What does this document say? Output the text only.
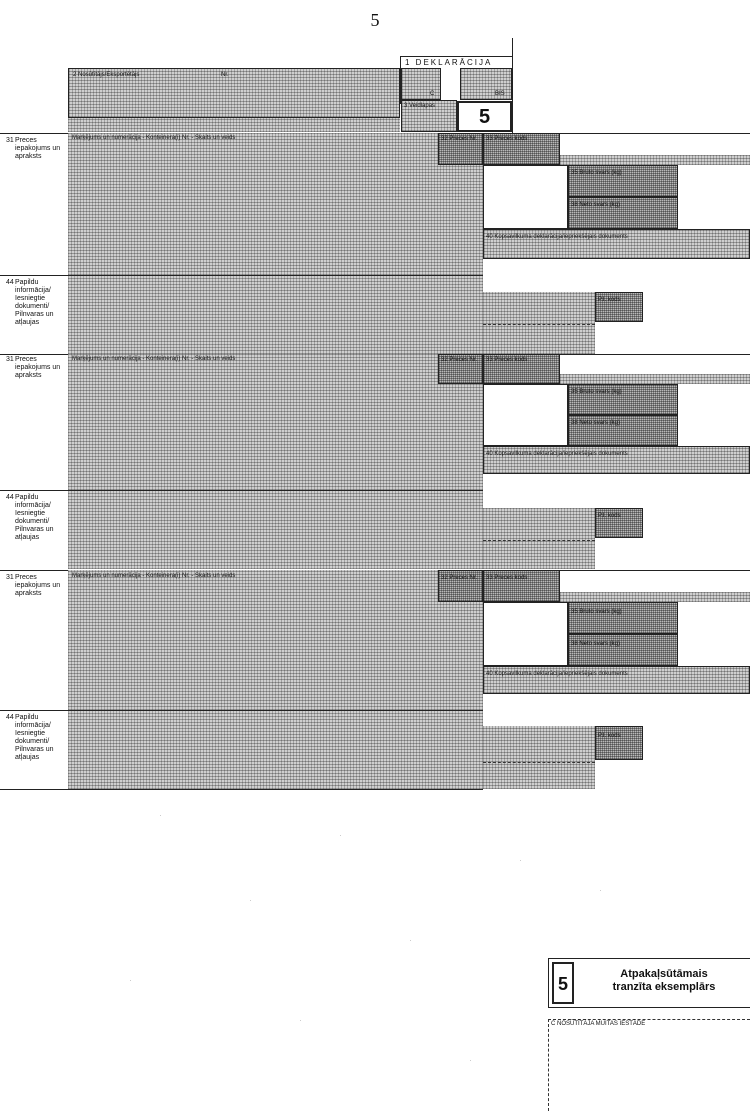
5
1 DEKLARĀCIJA
2 Nosūtītājs/Eksportētājs	Nr.
C	BIS
3 Veidlapas	5
31 Preces iepakojums un apraksts
Marķējums un numerācija - Konteinera(i) Nr. - Skaits un veids	32 Preces Nr. 33 Preces kods
35 Bruto svars (kg)
38 Neto svars (kg)
40 Kopsavilkuma deklarācija/iepriekšējais dokuments
44 Papildu informācija/ Iesniegtie dokumenti/ Pilnvaras un atļaujas
P.I. kods
31 Preces iepakojums un apraksts
Marķējums un numerācija - Konteinera(i) Nr. - Skaits un veids	32 Preces Nr. 33 Preces kods
35 Bruto svars (kg)
38 Neto svars (kg)
40 Kopsavilkuma deklarācija/iepriekšējais dokuments
44 Papildu informācija/ Iesniegtie dokumenti/ Pilnvaras un atļaujas
P.I. kods
31 Preces iepakojums un apraksts
Marķējums un numerācija - Konteinera(i) Nr. - Skaits un veids	32 Preces Nr. 33 Preces kods
35 Bruto svars (kg)
38 Neto svars (kg)
40 Kopsavilkuma deklarācija/iepriekšējais dokuments
44 Papildu informācija/ Iesniegtie dokumenti/ Pilnvaras un atļaujas
P.I. kods
5	Atpakaļsūtāmais
tranzīta eksemplārs
C NOSŪTĪTĀJA MUITAS IESTĀDE
